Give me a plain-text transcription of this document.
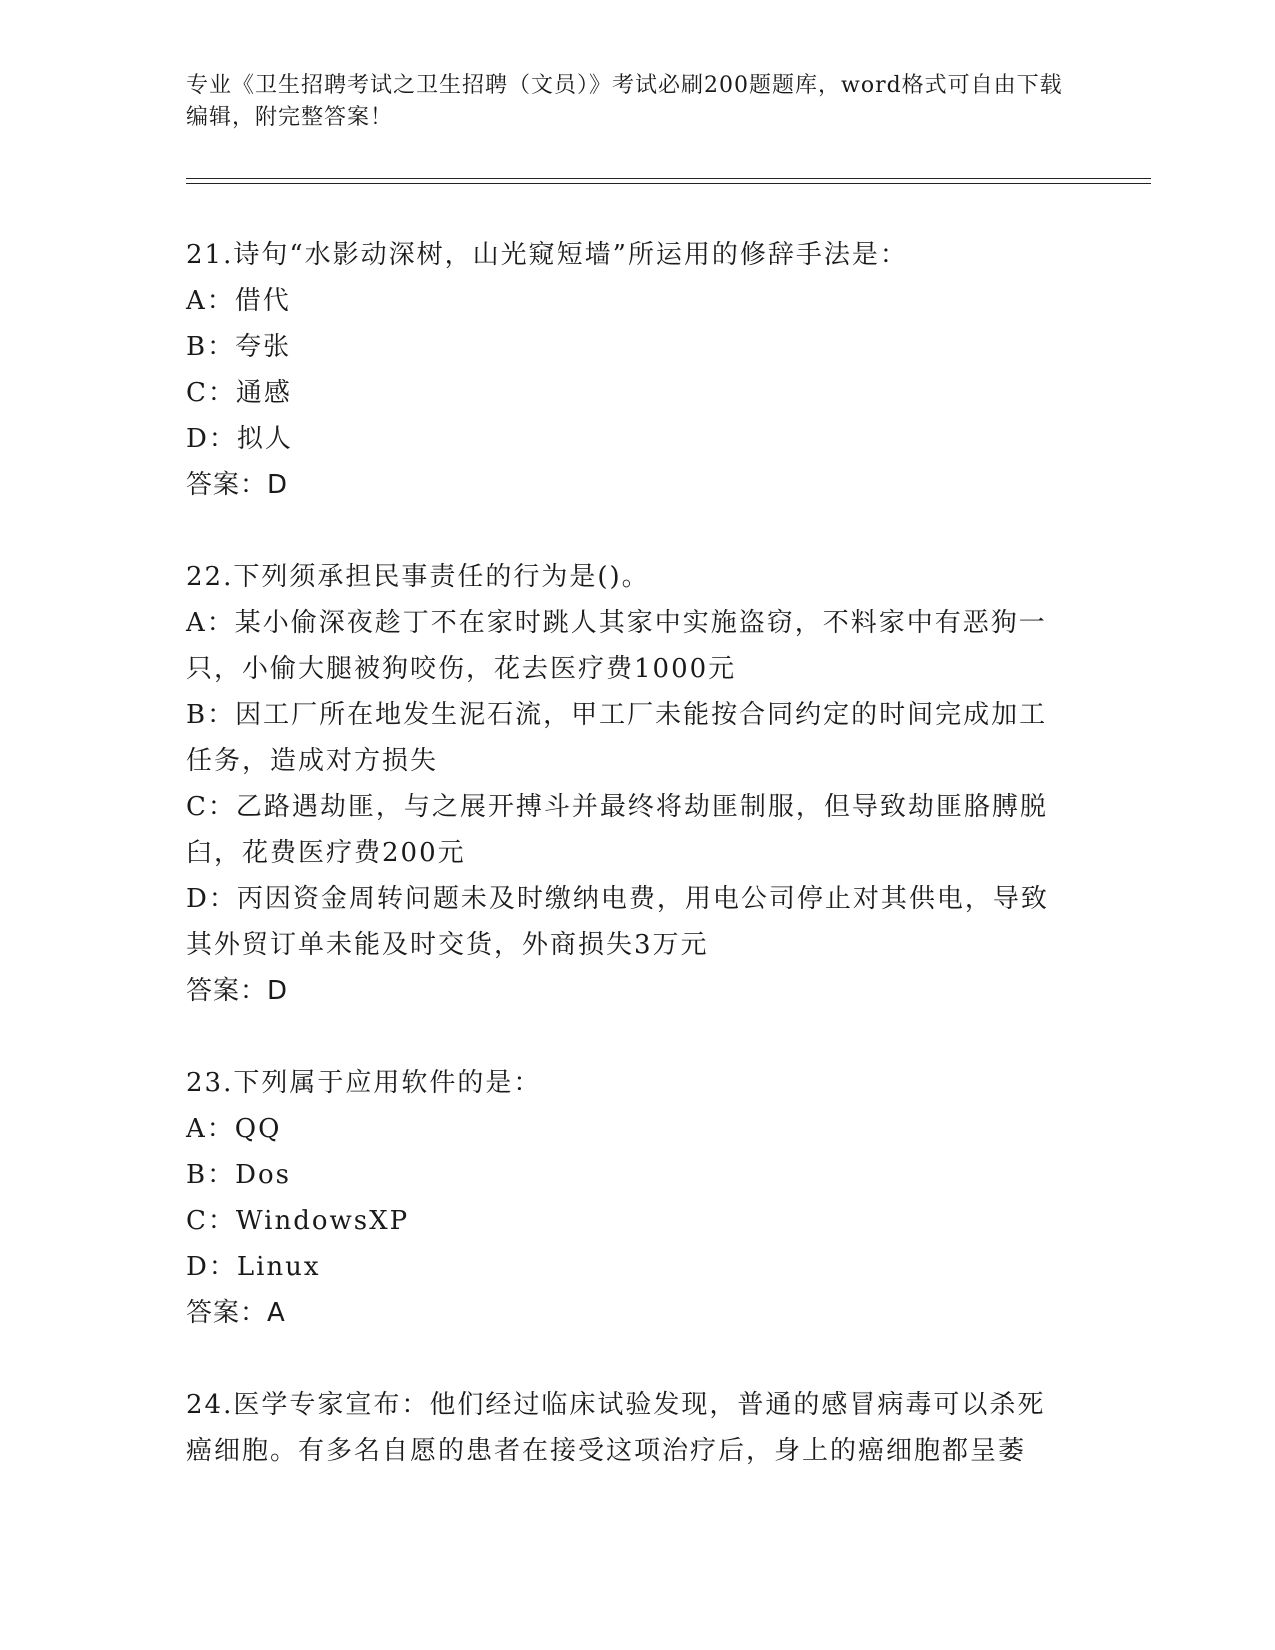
专业《卫生招聘考试之卫生招聘（文员）》考试必刷200题题库，word格式可自由下载编辑，附完整答案！

21.诗句“水影动深树，山光窥短墙”所运用的修辞手法是：

A：借代

B：夸张

C：通感

D：拟人

答案：D

22.下列须承担民事责任的行为是()。

A：某小偷深夜趁丁不在家时跳人其家中实施盗窃，不料家中有恶狗一只，小偷大腿被狗咬伤，花去医疗费1000元

B：因工厂所在地发生泥石流，甲工厂未能按合同约定的时间完成加工任务，造成对方损失

C：乙路遇劫匪，与之展开搏斗并最终将劫匪制服，但导致劫匪胳膊脱臼，花费医疗费200元

D：丙因资金周转问题未及时缴纳电费，用电公司停止对其供电，导致其外贸订单未能及时交货，外商损失3万元

答案：D

23.下列属于应用软件的是：

A：QQ

B：Dos

C：WindowsXP

D：Linux

答案：A

24.医学专家宣布：他们经过临床试验发现，普通的感冒病毒可以杀死癌细胞。有多名自愿的患者在接受这项治疗后，身上的癌细胞都呈萎
